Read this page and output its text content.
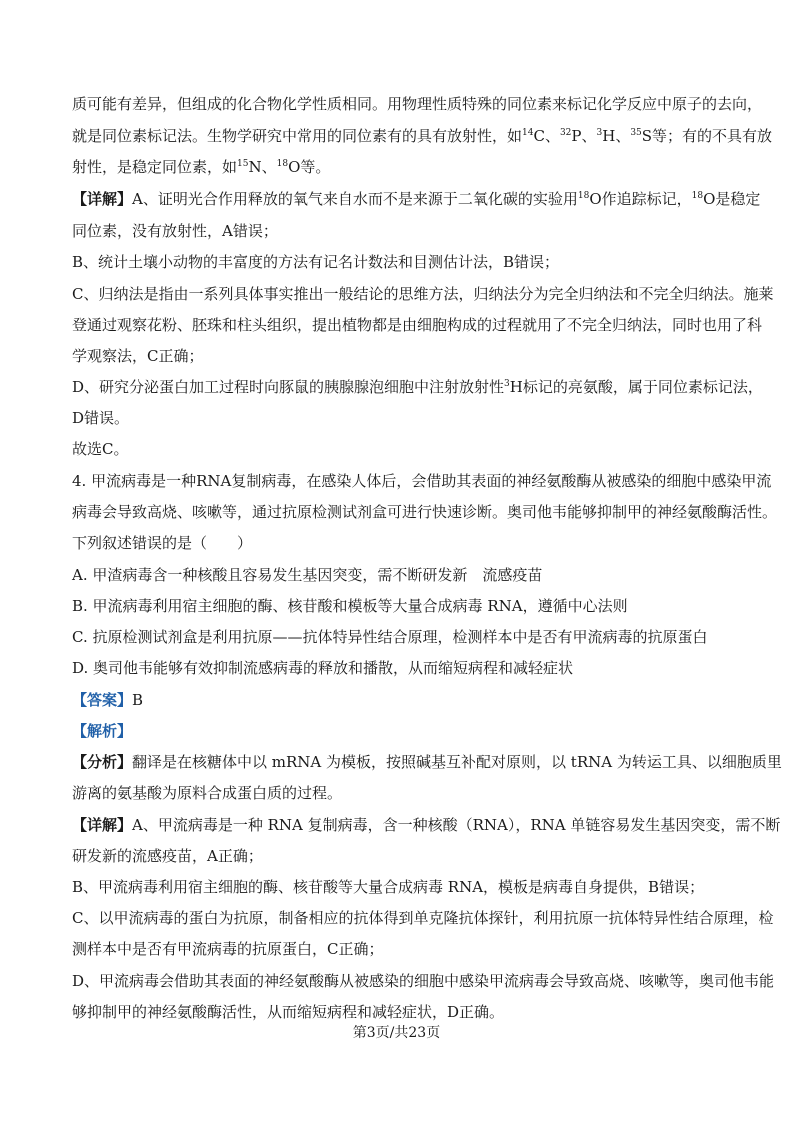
质可能有差异，但组成的化合物化学性质相同。用物理性质特殊的同位素来标记化学反应中原子的去向，
就是同位素标记法。生物学研究中常用的同位素有的具有放射性，如$^{14}$C、$^{32}$P、$^3$H、$^{35}$S等；有的不具有放
射性，是稳定同位素，如$^{15}$N、$^{18}$O等。
【详解】A、证明光合作用释放的氧气来自水而不是来源于二氧化碳的实验用$^{18}$O作追踪标记，$^{18}$O是稳定
同位素，没有放射性，A错误；
B、统计土壤小动物的丰富度的方法有记名计数法和目测估计法，B错误；
C、归纳法是指由一系列具体事实推出一般结论的思维方法，归纳法分为完全归纳法和不完全归纳法。施莱
登通过观察花粉、胚珠和柱头组织，提出植物都是由细胞构成的过程就用了不完全归纳法，同时也用了科
学观察法，C正确；
D、研究分泌蛋白加工过程时向豚鼠的胰腺腺泡细胞中注射放射性$^3$H标记的亮氨酸，属于同位素标记法，
D错误。
故选C。
4. 甲流病毒是一种RNA复制病毒，在感染人体后，会借助其表面的神经氨酸酶从被感染的细胞中感染甲流
病毒会导致高烧、咳嗽等，通过抗原检测试剂盒可进行快速诊断。奥司他韦能够抑制甲的神经氨酸酶活性。
下列叙述错误的是（　　）
A. 甲渣病毒含一种核酸且容易发生基因突变，需不断研发新　流感疫苗
B. 甲流病毒利用宿主细胞的酶、核苷酸和模板等大量合成病毒 RNA，遵循中心法则
C. 抗原检测试剂盒是利用抗原——抗体特异性结合原理，检测样本中是否有甲流病毒的抗原蛋白
D. 奥司他韦能够有效抑制流感病毒的释放和播散，从而缩短病程和减轻症状
【答案】B
【解析】
【分析】翻译是在核糖体中以 mRNA 为模板，按照碱基互补配对原则，以 tRNA 为转运工具、以细胞质里
游离的氨基酸为原料合成蛋白质的过程。
【详解】A、甲流病毒是一种 RNA 复制病毒，含一种核酸（RNA），RNA 单链容易发生基因突变，需不断
研发新的流感疫苗，A正确；
B、甲流病毒利用宿主细胞的酶、核苷酸等大量合成病毒 RNA，模板是病毒自身提供，B错误；
C、以甲流病毒的蛋白为抗原，制备相应的抗体得到单克隆抗体探针，利用抗原一抗体特异性结合原理，检
测样本中是否有甲流病毒的抗原蛋白，C正确；
D、甲流病毒会借助其表面的神经氨酸酶从被感染的细胞中感染甲流病毒会导致高烧、咳嗽等，奥司他韦能
够抑制甲的神经氨酸酶活性，从而缩短病程和减轻症状，D正确。
第3页/共23页
